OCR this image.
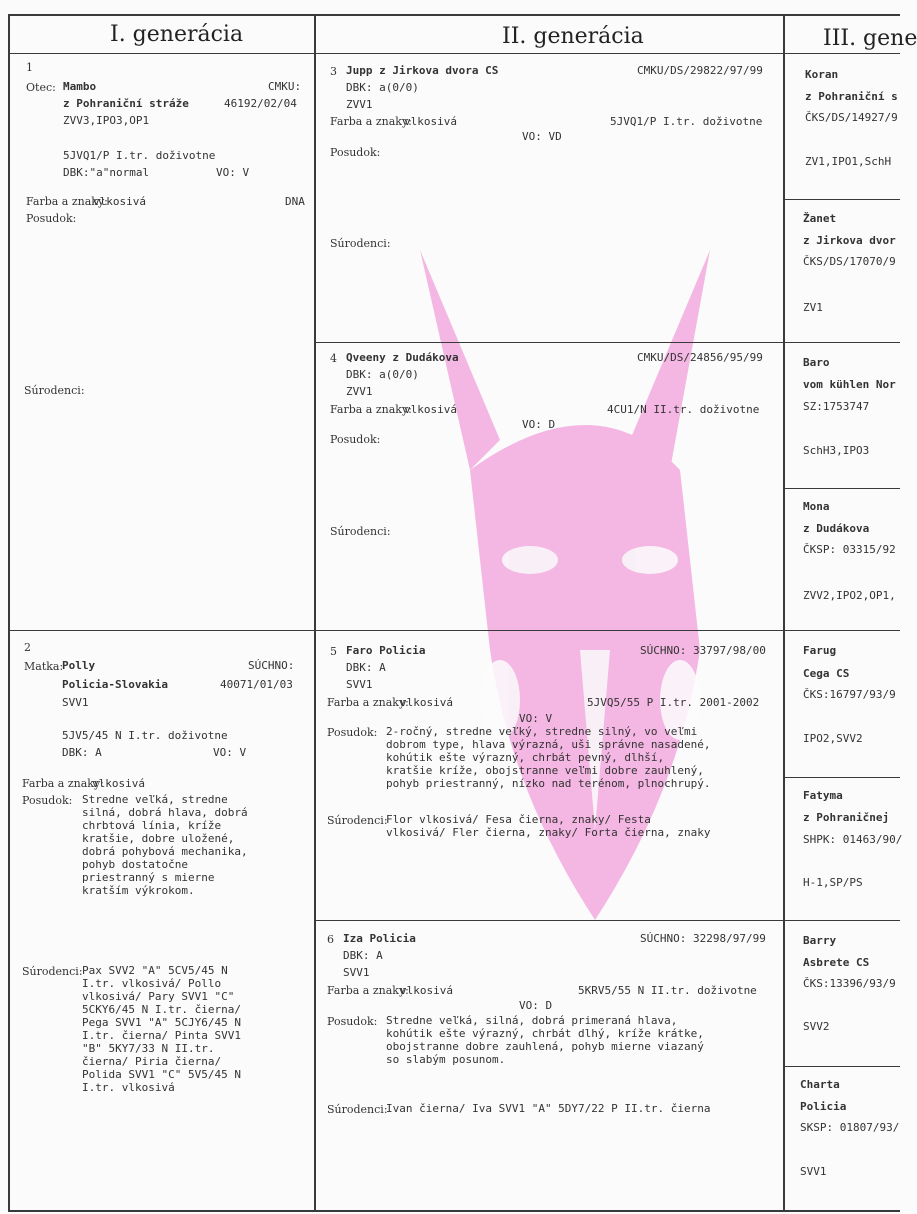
I. generácia	II. generácia	III. gene
1
Otec: Mambo	CMKU:
z Pohraniční stráže	46192/02/04
ZVV3,IPO3,OP1
5JVQ1/P I.tr. doživotne
DBK:"a"normal	VO: V
Farba a znaky:
vlkosivá	DNA
Posudok:
Súrodenci:
2
Matka:
Polly	SÚCHNO:
Policia-Slovakia	40071/01/03
SVV1
5JV5/45 N I.tr. doživotne
DBK: A	VO: V
Farba a znaky:
vlkosivá
Posudok: Stredne veľká, stredne
silná, dobrá hlava, dobrá
chrbtová línia, kríže
kratšie, dobre uložené,
dobrá pohybová mechanika,
pohyb dostatočne
priestranný s mierne
kratším výkrokom.
Súrodenci: Pax SVV2 "A" 5CV5/45 N
I.tr. vlkosivá/ Pollo
vlkosivá/ Pary SVV1 "C"
5CKY6/45 N I.tr. čierna/
Pega SVV1 "A" 5CJY6/45 N
I.tr. čierna/ Pinta SVV1
"B" 5KY7/33 N II.tr.
čierna/ Piria čierna/
Polida SVV1 "C" 5V5/45 N
I.tr. vlkosivá
3 Jupp z Jirkova dvora CS	CMKU/DS/29822/97/99
DBK: a(0/0)
ZVV1
Farba a znaky:
vlkosivá	5JVQ1/P I.tr. doživotne
VO: VD
Posudok:
Súrodenci:
4 Qveeny z Dudákova	CMKU/DS/24856/95/99
DBK: a(0/0)
ZVV1
Farba a znaky:
vlkosivá	4CU1/N II.tr. doživotne
VO: D
Posudok:
Súrodenci:
5 Faro Policia	SÚCHNO: 33797/98/00
DBK: A
SVV1
Farba a znaky:
vlkosivá	5JVQ5/55 P I.tr. 2001-2002
VO: V
Posudok: 2-ročný, stredne veľký, stredne silný, vo veľmi
dobrom type, hlava výrazná, uši správne nasadené,
kohútik ešte výrazný, chrbát pevný, dlhší,
kratšie kríže, obojstranne veľmi dobre zauhlený,
pohyb priestranný, nízko nad terénom, plnochrupý.
Súrodenci:
Flor vlkosivá/ Fesa čierna, znaky/ Festa
vlkosivá/ Fler čierna, znaky/ Forta čierna, znaky
6 Iza Policia	SÚCHNO: 32298/97/99
DBK: A
SVV1
Farba a znaky:
vlkosivá	5KRV5/55 N II.tr. doživotne
VO: D
Posudok: Stredne veľká, silná, dobrá primeraná hlava,
kohútik ešte výrazný, chrbát dlhý, kríže krátke,
obojstranne dobre zauhlená, pohyb mierne viazaný
so slabým posunom.
Súrodenci:
Ivan čierna/ Iva SVV1 "A" 5DY7/22 P II.tr. čierna
Koran
z Pohraniční s
ČKS/DS/14927/9
ZV1,IPO1,SchH
Žanet
z Jirkova dvor
ČKS/DS/17070/9
ZV1
Baro
vom kühlen Nor
SZ:1753747
SchH3,IPO3
Mona
z Dudákova
ČKSP: 03315/92
ZVV2,IPO2,OP1,
Farug
Cega CS
ČKS:16797/93/9
IPO2,SVV2
Fatyma
z Pohraničnej
SHPK: 01463/90/
H-1,SP/PS
Barry
Asbrete CS
ČKS:13396/93/9
SVV2
Charta
Policia
SKSP: 01807/93/
SVV1
